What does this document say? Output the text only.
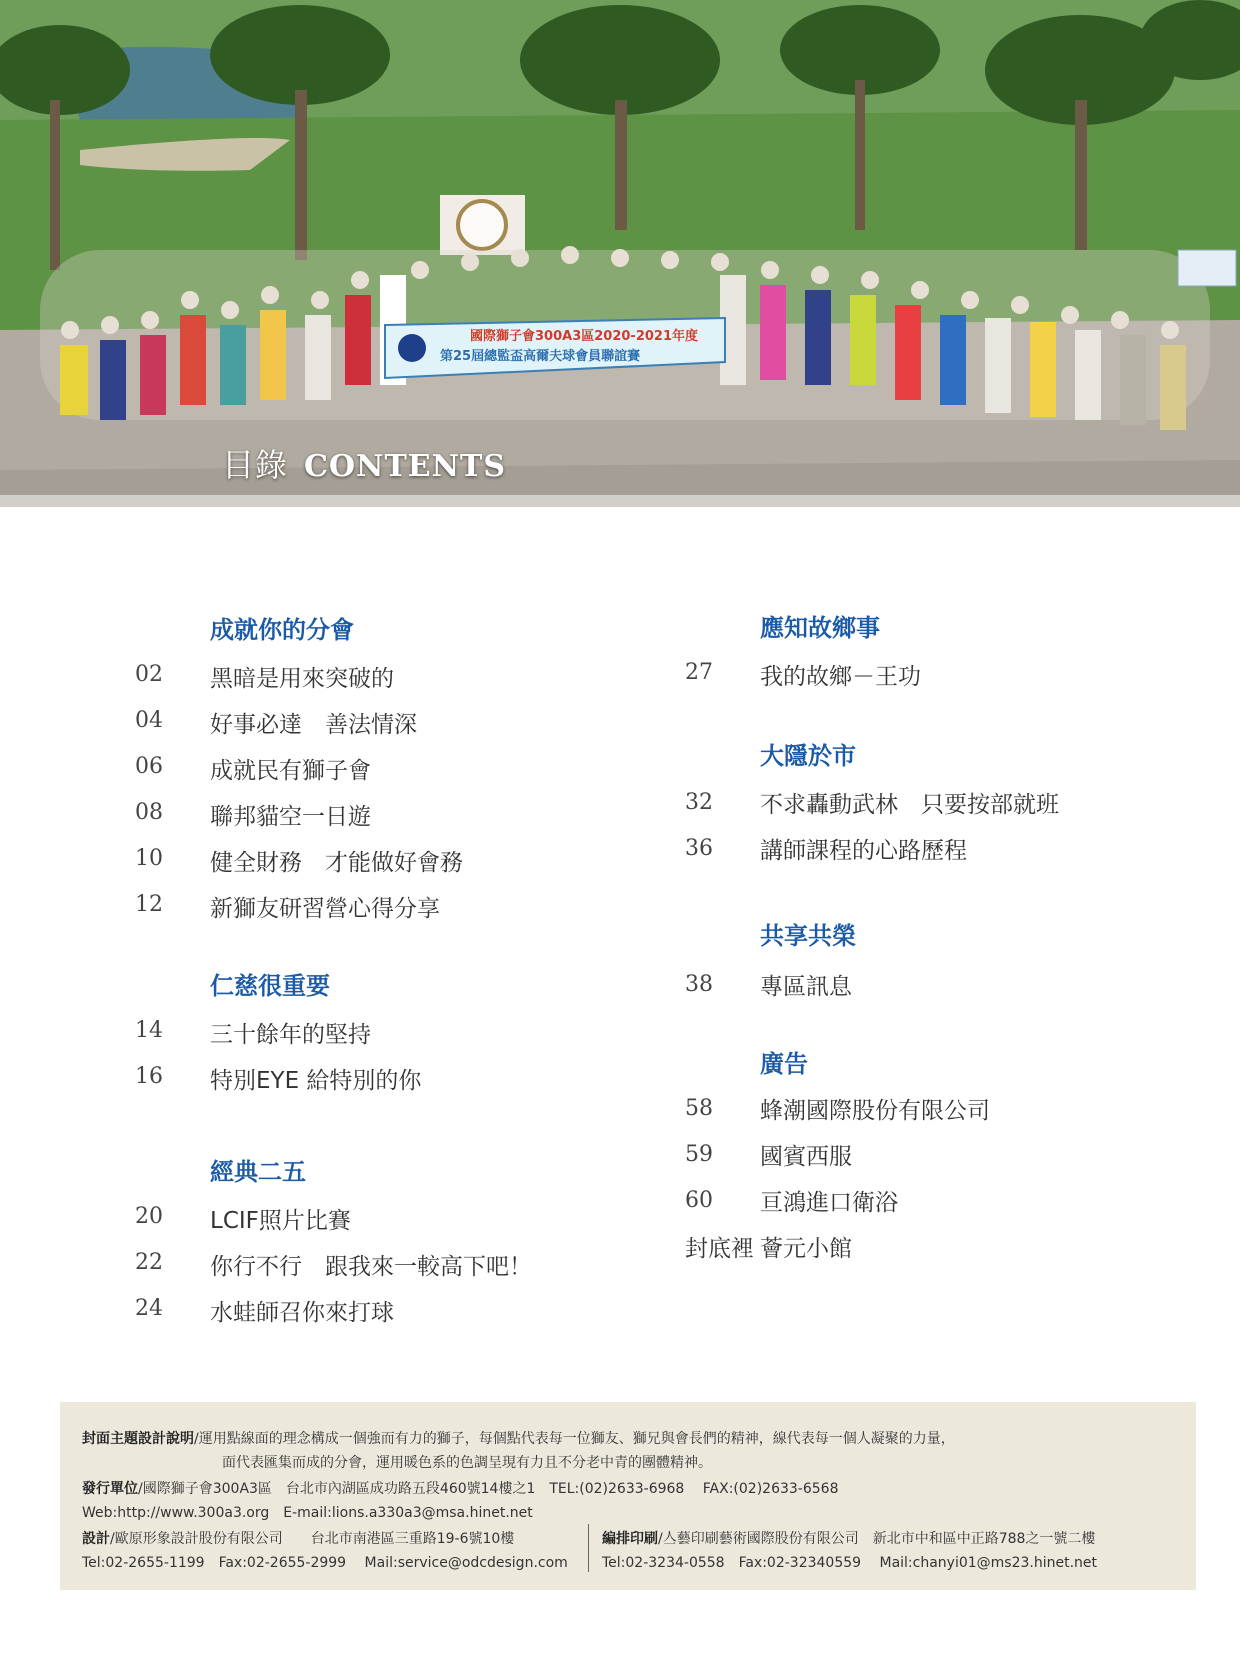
國際獅子會300A3區2020-2021年度
第25屆總監盃高爾夫球會員聯誼賽
目錄 CONTENTS
成就你的分會
02 黑暗是用來突破的
04 好事必達　善法情深
06 成就民有獅子會
08 聯邦貓空一日遊
10 健全財務　才能做好會務
12 新獅友研習營心得分享
仁慈很重要
14 三十餘年的堅持
16 特別EYE 給特別的你
經典二五
20 LCIF照片比賽
22 你行不行　跟我來一較高下吧！
24 水蛙師召你來打球
應知故鄉事
27 我的故鄉－王功
大隱於市
32 不求轟動武林　只要按部就班
36 講師課程的心路歷程
共享共榮
38 專區訊息
廣告
58 蜂潮國際股份有限公司
59 國賓西服
60 亘鴻進口衛浴
封底裡 薈元小館
封面主題設計說明/運用點線面的理念構成一個強而有力的獅子，每個點代表每一位獅友、獅兄與會長們的精神，線代表每一個人凝聚的力量，
面代表匯集而成的分會，運用暖色系的色調呈現有力且不分老中青的團體精神。
發行單位/國際獅子會300A3區　台北市內湖區成功路五段460號14樓之1　TEL:(02)2633-6968　 FAX:(02)2633-6568
Web:http://www.300a3.org　E-mail:lions.a330a3@msa.hinet.net
設計/歐原形象設計股份有限公司　　台北市南港區三重路19-6號10樓
Tel:02-2655-1199　Fax:02-2655-2999　 Mail:service@odcdesign.com
編排印刷/亼藝印刷藝術國際股份有限公司　新北市中和區中正路788之一號二樓
Tel:02-3234-0558　Fax:02-32340559　 Mail:chanyi01@ms23.hinet.net
